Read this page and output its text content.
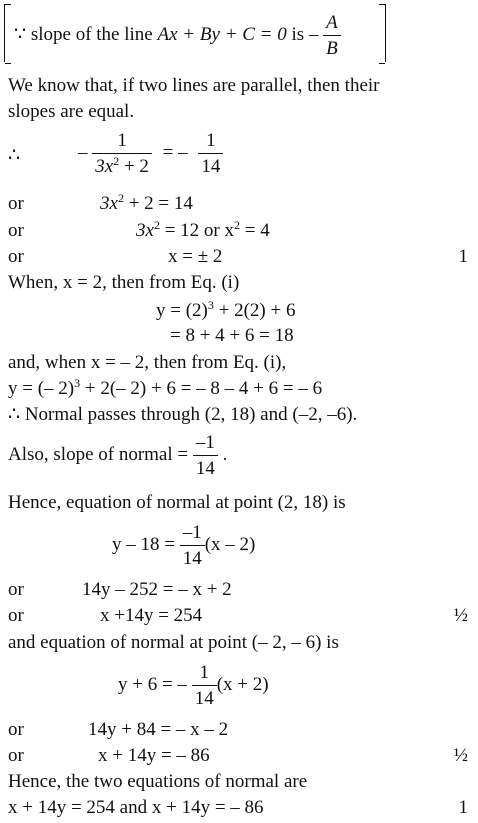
∵ slope of the line Ax + By + C = 0 is – $\frac{A}{B}$
We know that, if two lines are parallel, then their
slopes are equal.
∴	– $\frac{1}{3x^2 + 2}$ = – $\frac{1}{14}$
or	$3x^2 + 2 = 14$
or	$3x^2 = 12$ or $x^2 = 4$
or	x = ± 2	1
When, x = 2, then from Eq. (i)
$y = (2)^3 + 2(2) + 6$
= 8 + 4 + 6 = 18
and, when x = – 2, then from Eq. (i),
y = (– 2)$^3$ + 2(– 2) + 6 = – 8 – 4 + 6 = – 6
∴ Normal passes through (2, 18) and (–2, –6).
Also, slope of normal = $\frac{-1}{14}$ .
Hence, equation of normal at point (2, 18) is
$y - 18 = \frac{-1}{14} (x - 2)$
or	14y – 252 = – x + 2
or	x +14y = 254	½
and equation of normal at point (– 2, – 6) is
y + 6 = – $\frac{1}{14} (x + 2)$
or	14y + 84 = – x – 2
or	x + 14y = – 86	½
Hence, the two equations of normal are
x + 14y = 254 and x + 14y = – 86	1
